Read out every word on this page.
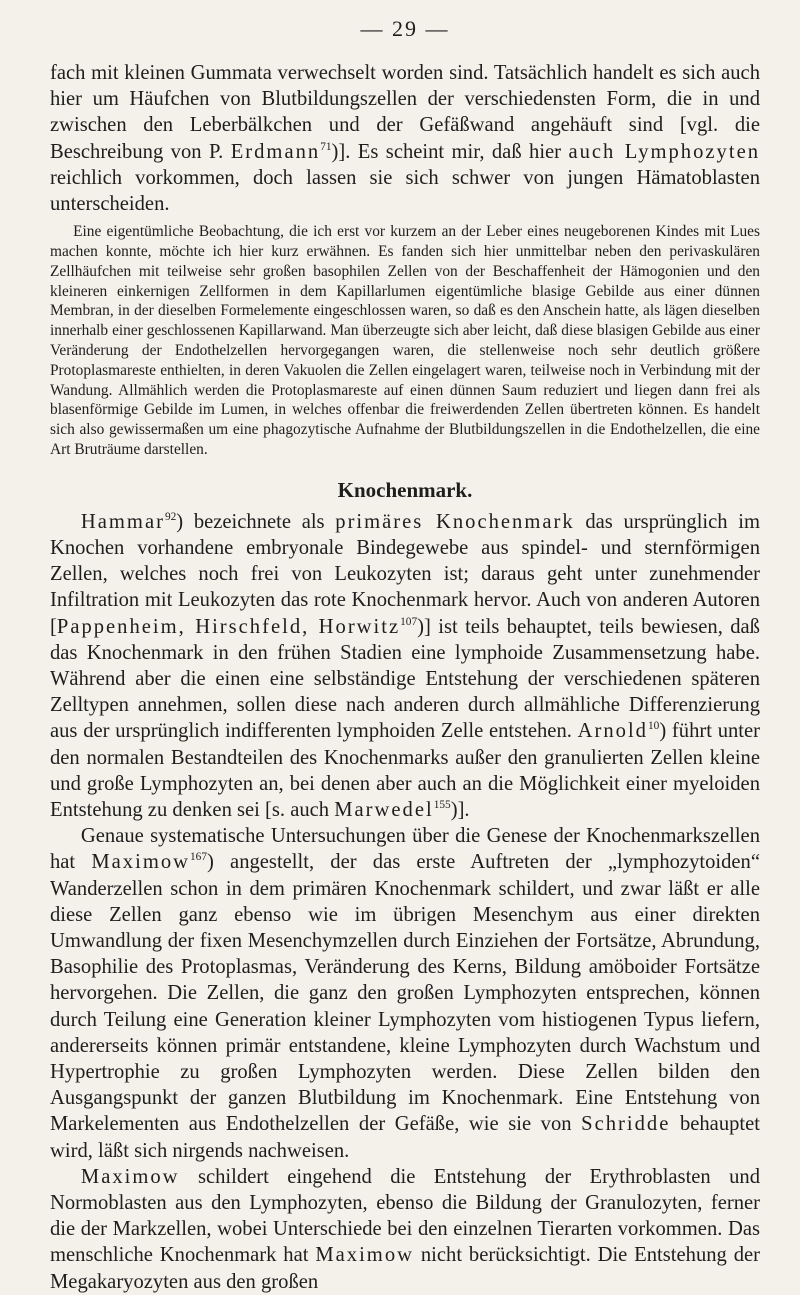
— 29 —

fach mit kleinen Gummata verwechselt worden sind. Tatsächlich handelt es sich auch hier um Häufchen von Blutbildungszellen der verschiedensten Form, die in und zwischen den Leberbälkchen und der Gefäßwand angehäuft sind [vgl. die Beschreibung von P. Erdmann$^{71}$)]. Es scheint mir, daß hier auch Lymphozyten reichlich vorkommen, doch lassen sie sich schwer von jungen Hämatoblasten unterscheiden.

Eine eigentümliche Beobachtung, die ich erst vor kurzem an der Leber eines neugeborenen Kindes mit Lues machen konnte, möchte ich hier kurz erwähnen. Es fanden sich hier unmittelbar neben den perivaskulären Zellhäufchen mit teilweise sehr großen basophilen Zellen von der Beschaffenheit der Hämogonien und den kleineren einkernigen Zellformen in dem Kapillarlumen eigentümliche blasige Gebilde aus einer dünnen Membran, in der dieselben Formelemente eingeschlossen waren, so daß es den Anschein hatte, als lägen dieselben innerhalb einer geschlossenen Kapillarwand. Man überzeugte sich aber leicht, daß diese blasigen Gebilde aus einer Veränderung der Endothelzellen hervorgegangen waren, die stellenweise noch sehr deutlich größere Protoplasmareste enthielten, in deren Vakuolen die Zellen eingelagert waren, teilweise noch in Verbindung mit der Wandung. Allmählich werden die Protoplasmareste auf einen dünnen Saum reduziert und liegen dann frei als blasenförmige Gebilde im Lumen, in welches offenbar die freiwerdenden Zellen übertreten können. Es handelt sich also gewissermaßen um eine phagozytische Aufnahme der Blutbildungszellen in die Endothelzellen, die eine Art Bruträume darstellen.

Knochenmark.

Hammar$^{92}$) bezeichnete als primäres Knochenmark das ursprünglich im Knochen vorhandene embryonale Bindegewebe aus spindel- und sternförmigen Zellen, welches noch frei von Leukozyten ist; daraus geht unter zunehmender Infiltration mit Leukozyten das rote Knochenmark hervor. Auch von anderen Autoren [Pappenheim, Hirschfeld, Horwitz$^{107}$)] ist teils behauptet, teils bewiesen, daß das Knochenmark in den frühen Stadien eine lymphoide Zusammensetzung habe. Während aber die einen eine selbständige Entstehung der verschiedenen späteren Zelltypen annehmen, sollen diese nach anderen durch allmähliche Differenzierung aus der ursprünglich indifferenten lymphoiden Zelle entstehen. Arnold$^{10}$) führt unter den normalen Bestandteilen des Knochenmarks außer den granulierten Zellen kleine und große Lymphozyten an, bei denen aber auch an die Möglichkeit einer myeloiden Entstehung zu denken sei [s. auch Marwedel$^{155}$)].

Genaue systematische Untersuchungen über die Genese der Knochenmarkszellen hat Maximow$^{167}$) angestellt, der das erste Auftreten der „lymphozytoiden“ Wanderzellen schon in dem primären Knochenmark schildert, und zwar läßt er alle diese Zellen ganz ebenso wie im übrigen Mesenchym aus einer direkten Umwandlung der fixen Mesenchymzellen durch Einziehen der Fortsätze, Abrundung, Basophilie des Protoplasmas, Veränderung des Kerns, Bildung amöboider Fortsätze hervorgehen. Die Zellen, die ganz den großen Lymphozyten entsprechen, können durch Teilung eine Generation kleiner Lymphozyten vom histiogenen Typus liefern, andererseits können primär entstandene, kleine Lymphozyten durch Wachstum und Hypertrophie zu großen Lymphozyten werden. Diese Zellen bilden den Ausgangspunkt der ganzen Blutbildung im Knochenmark. Eine Entstehung von Markelementen aus Endothelzellen der Gefäße, wie sie von Schridde behauptet wird, läßt sich nirgends nachweisen.

Maximow schildert eingehend die Entstehung der Erythroblasten und Normoblasten aus den Lymphozyten, ebenso die Bildung der Granulozyten, ferner die der Markzellen, wobei Unterschiede bei den einzelnen Tierarten vorkommen. Das menschliche Knochenmark hat Maximow nicht berücksichtigt. Die Entstehung der Megakaryozyten aus den großen
